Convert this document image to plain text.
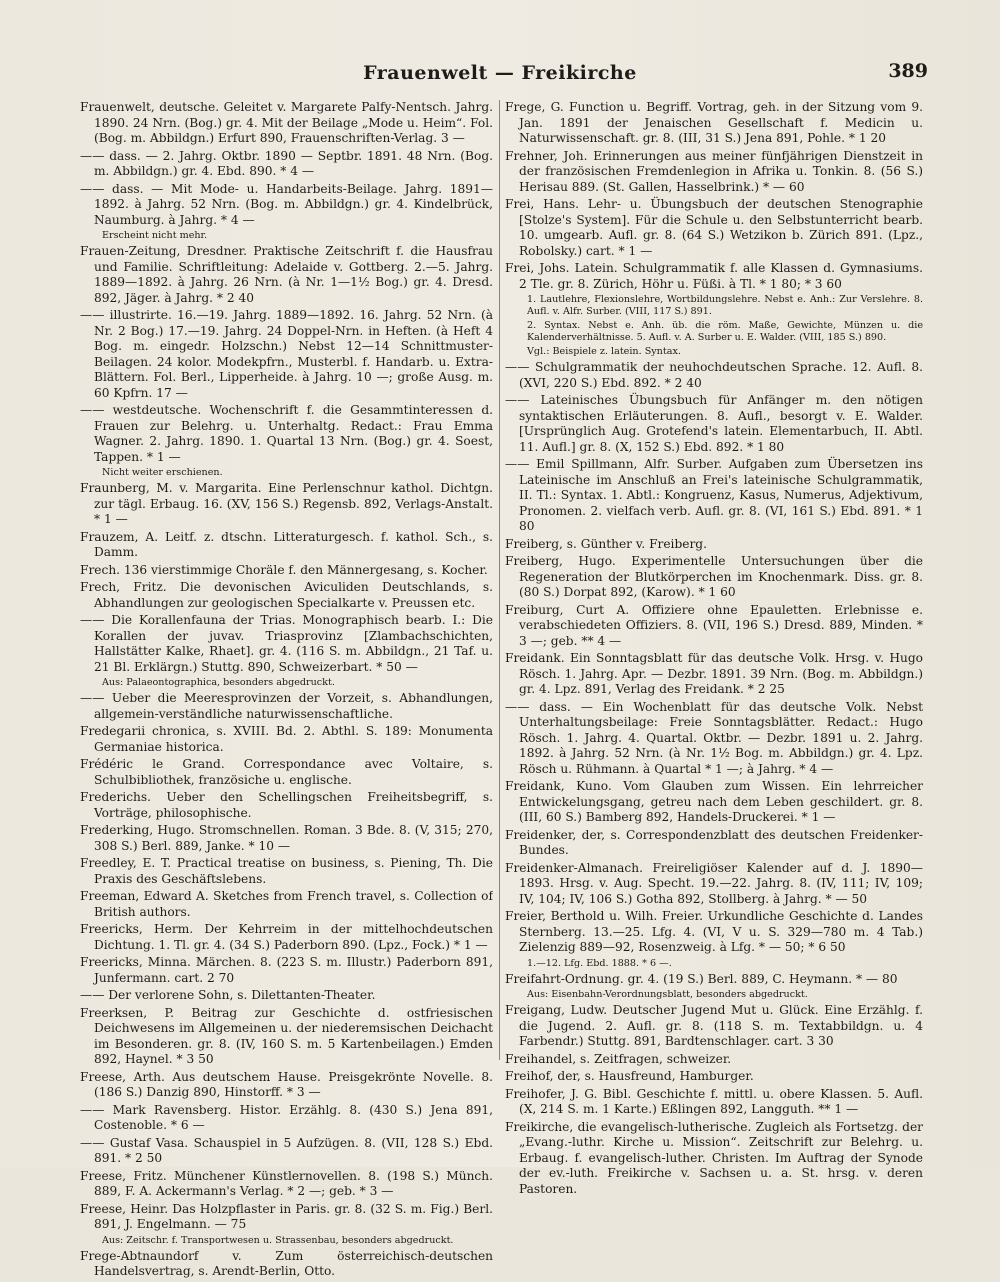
Frauenwelt — Freikirche	389
Frauenwelt, deutsche. Geleitet v. Margarete Palfy-Nentsch. Jahrg. 1890. 24 Nrn. (Bog.) gr. 4. Mit der Beilage „Mode u. Heim“. Fol. (Bog. m. Abbildgn.) Erfurt 890, Frauenschriften-Verlag. 3 —
—— dass. — 2. Jahrg. Oktbr. 1890 — Septbr. 1891. 48 Nrn. (Bog. m. Abbildgn.) gr. 4. Ebd. 890. * 4 —
—— dass. — Mit Mode- u. Handarbeits-Beilage. Jahrg. 1891—1892. à Jahrg. 52 Nrn. (Bog. m. Abbildgn.) gr. 4. Kindelbrück, Naumburg. à Jahrg. * 4 —
Erscheint nicht mehr.
Frauen-Zeitung, Dresdner. Praktische Zeitschrift f. die Hausfrau und Familie. Schriftleitung: Adelaide v. Gottberg. 2.—5. Jahrg. 1889—1892. à Jahrg. 26 Nrn. (à Nr. 1—1½ Bog.) gr. 4. Dresd. 892, Jäger. à Jahrg. * 2 40
—— illustrirte. 16.—19. Jahrg. 1889—1892. 16. Jahrg. 52 Nrn. (à Nr. 2 Bog.) 17.—19. Jahrg. 24 Doppel-Nrn. in Heften. (à Heft 4 Bog. m. eingedr. Holzschn.) Nebst 12—14 Schnittmuster-Beilagen. 24 kolor. Modekpfrn., Musterbl. f. Handarb. u. Extra-Blättern. Fol. Berl., Lipperheide. à Jahrg. 10 —; große Ausg. m. 60 Kpfrn. 17 —
—— westdeutsche. Wochenschrift f. die Gesammtinteressen d. Frauen zur Belehrg. u. Unterhaltg. Redact.: Frau Emma Wagner. 2. Jahrg. 1890. 1. Quartal 13 Nrn. (Bog.) gr. 4. Soest, Tappen. * 1 —
Nicht weiter erschienen.
Fraunberg, M. v. Margarita. Eine Perlenschnur kathol. Dichtgn. zur tägl. Erbaug. 16. (XV, 156 S.) Regensb. 892, Verlags-Anstalt. * 1 —
Frauzem, A. Leitf. z. dtschn. Litteraturgesch. f. kathol. Sch., s. Damm.
Frech. 136 vierstimmige Choräle f. den Männergesang, s. Kocher.
Frech, Fritz. Die devonischen Aviculiden Deutschlands, s. Abhandlungen zur geologischen Specialkarte v. Preussen etc.
—— Die Korallenfauna der Trias. Monographisch bearb. I.: Die Korallen der juvav. Triasprovinz [Zlambachschichten, Hallstätter Kalke, Rhaet]. gr. 4. (116 S. m. Abbildgn., 21 Taf. u. 21 Bl. Erklärgn.) Stuttg. 890, Schweizerbart. * 50 —
Aus: Palaeontographica, besonders abgedruckt.
—— Ueber die Meeresprovinzen der Vorzeit, s. Abhandlungen, allgemein-verständliche naturwissenschaftliche.
Fredegarii chronica, s. XVIII. Bd. 2. Abthl. S. 189: Monumenta Germaniae historica.
Frédéric le Grand. Correspondance avec Voltaire, s. Schulbibliothek, französiche u. englische.
Frederichs. Ueber den Schellingschen Freiheitsbegriff, s. Vorträge, philosophische.
Frederking, Hugo. Stromschnellen. Roman. 3 Bde. 8. (V, 315; 270, 308 S.) Berl. 889, Janke. * 10 —
Freedley, E. T. Practical treatise on business, s. Piening, Th. Die Praxis des Geschäftslebens.
Freeman, Edward A. Sketches from French travel, s. Collection of British authors.
Freericks, Herm. Der Kehrreim in der mittelhochdeutschen Dichtung. 1. Tl. gr. 4. (34 S.) Paderborn 890. (Lpz., Fock.) * 1 —
Freericks, Minna. Märchen. 8. (223 S. m. Illustr.) Paderborn 891, Junfermann. cart. 2 70
—— Der verlorene Sohn, s. Dilettanten-Theater.
Freerksen, P. Beitrag zur Geschichte d. ostfriesischen Deichwesens im Allgemeinen u. der niederemsischen Deichacht im Besonderen. gr. 8. (IV, 160 S. m. 5 Kartenbeilagen.) Emden 892, Haynel. * 3 50
Freese, Arth. Aus deutschem Hause. Preisgekrönte Novelle. 8. (186 S.) Danzig 890, Hinstorff. * 3 —
—— Mark Ravensberg. Histor. Erzählg. 8. (430 S.) Jena 891, Costenoble. * 6 —
—— Gustaf Vasa. Schauspiel in 5 Aufzügen. 8. (VII, 128 S.) Ebd. 891. * 2 50
Freese, Fritz. Münchener Künstlernovellen. 8. (198 S.) Münch. 889, F. A. Ackermann's Verlag. * 2 —; geb. * 3 —
Freese, Heinr. Das Holzpflaster in Paris. gr. 8. (32 S. m. Fig.) Berl. 891, J. Engelmann. — 75
Aus: Zeitschr. f. Transportwesen u. Strassenbau, besonders abgedruckt.
Frege-Abtnaundorf v. Zum österreichisch-deutschen Handelsvertrag, s. Arendt-Berlin, Otto.
Frege, G. Function u. Begriff. Vortrag, geh. in der Sitzung vom 9. Jan. 1891 der Jenaischen Gesellschaft f. Medicin u. Naturwissenschaft. gr. 8. (III, 31 S.) Jena 891, Pohle. * 1 20
Frehner, Joh. Erinnerungen aus meiner fünfjährigen Dienstzeit in der französischen Fremdenlegion in Afrika u. Tonkin. 8. (56 S.) Herisau 889. (St. Gallen, Hasselbrink.) * — 60
Frei, Hans. Lehr- u. Übungsbuch der deutschen Stenographie [Stolze's System]. Für die Schule u. den Selbstunterricht bearb. 10. umgearb. Aufl. gr. 8. (64 S.) Wetzikon b. Zürich 891. (Lpz., Robolsky.) cart. * 1 —
Frei, Johs. Latein. Schulgrammatik f. alle Klassen d. Gymnasiums. 2 Tle. gr. 8. Zürich, Höhr u. Füßi. à Tl. * 1 80; * 3 60
1. Lautlehre, Flexionslehre, Wortbildungslehre. Nebst e. Anh.: Zur Verslehre. 8. Aufl. v. Alfr. Surber. (VIII, 117 S.) 891.
2. Syntax. Nebst e. Anh. üb. die röm. Maße, Gewichte, Münzen u. die Kalenderverhältnisse. 5. Aufl. v. A. Surber u. E. Walder. (VIII, 185 S.) 890.
Vgl.: Beispiele z. latein. Syntax.
—— Schulgrammatik der neuhochdeutschen Sprache. 12. Aufl. 8. (XVI, 220 S.) Ebd. 892. * 2 40
—— Lateinisches Übungsbuch für Anfänger m. den nötigen syntaktischen Erläuterungen. 8. Aufl., besorgt v. E. Walder. [Ursprünglich Aug. Grotefend's latein. Elementarbuch, II. Abtl. 11. Aufl.] gr. 8. (X, 152 S.) Ebd. 892. * 1 80
—— Emil Spillmann, Alfr. Surber. Aufgaben zum Übersetzen ins Lateinische im Anschluß an Frei's lateinische Schulgrammatik, II. Tl.: Syntax. 1. Abtl.: Kongruenz, Kasus, Numerus, Adjektivum, Pronomen. 2. vielfach verb. Aufl. gr. 8. (VI, 161 S.) Ebd. 891. * 1 80
Freiberg, s. Günther v. Freiberg.
Freiberg, Hugo. Experimentelle Untersuchungen über die Regeneration der Blutkörperchen im Knochenmark. Diss. gr. 8. (80 S.) Dorpat 892, (Karow). * 1 60
Freiburg, Curt A. Offiziere ohne Epauletten. Erlebnisse e. verabschiedeten Offiziers. 8. (VII, 196 S.) Dresd. 889, Minden. * 3 —; geb. ** 4 —
Freidank. Ein Sonntagsblatt für das deutsche Volk. Hrsg. v. Hugo Rösch. 1. Jahrg. Apr. — Dezbr. 1891. 39 Nrn. (Bog. m. Abbildgn.) gr. 4. Lpz. 891, Verlag des Freidank. * 2 25
—— dass. — Ein Wochenblatt für das deutsche Volk. Nebst Unterhaltungsbeilage: Freie Sonntagsblätter. Redact.: Hugo Rösch. 1. Jahrg. 4. Quartal. Oktbr. — Dezbr. 1891 u. 2. Jahrg. 1892. à Jahrg. 52 Nrn. (à Nr. 1½ Bog. m. Abbildgn.) gr. 4. Lpz. Rösch u. Rühmann. à Quartal * 1 —; à Jahrg. * 4 —
Freidank, Kuno. Vom Glauben zum Wissen. Ein lehrreicher Entwickelungsgang, getreu nach dem Leben geschildert. gr. 8. (III, 60 S.) Bamberg 892, Handels-Druckerei. * 1 —
Freidenker, der, s. Correspondenzblatt des deutschen Freidenker-Bundes.
Freidenker-Almanach. Freireligiöser Kalender auf d. J. 1890—1893. Hrsg. v. Aug. Specht. 19.—22. Jahrg. 8. (IV, 111; IV, 109; IV, 104; IV, 106 S.) Gotha 892, Stollberg. à Jahrg. * — 50
Freier, Berthold u. Wilh. Freier. Urkundliche Geschichte d. Landes Sternberg. 13.—25. Lfg. 4. (VI, V u. S. 329—780 m. 4 Tab.) Zielenzig 889—92, Rosenzweig. à Lfg. * — 50; * 6 50
1.—12. Lfg. Ebd. 1888. * 6 —.
Freifahrt-Ordnung. gr. 4. (19 S.) Berl. 889, C. Heymann. * — 80
Aus: Eisenbahn-Verordnungsblatt, besonders abgedruckt.
Freigang, Ludw. Deutscher Jugend Mut u. Glück. Eine Erzählg. f. die Jugend. 2. Aufl. gr. 8. (118 S. m. Textabbildgn. u. 4 Farbendr.) Stuttg. 891, Bardtenschlager. cart. 3 30
Freihandel, s. Zeitfragen, schweizer.
Freihof, der, s. Hausfreund, Hamburger.
Freihofer, J. G. Bibl. Geschichte f. mittl. u. obere Klassen. 5. Aufl. (X, 214 S. m. 1 Karte.) Eßlingen 892, Langguth. ** 1 —
Freikirche, die evangelisch-lutherische. Zugleich als Fortsetzg. der „Evang.-luthr. Kirche u. Mission“. Zeitschrift zur Belehrg. u. Erbaug. f. evangelisch-luther. Christen. Im Auftrag der Synode der ev.-luth. Freikirche v. Sachsen u. a. St. hrsg. v. deren Pastoren.
